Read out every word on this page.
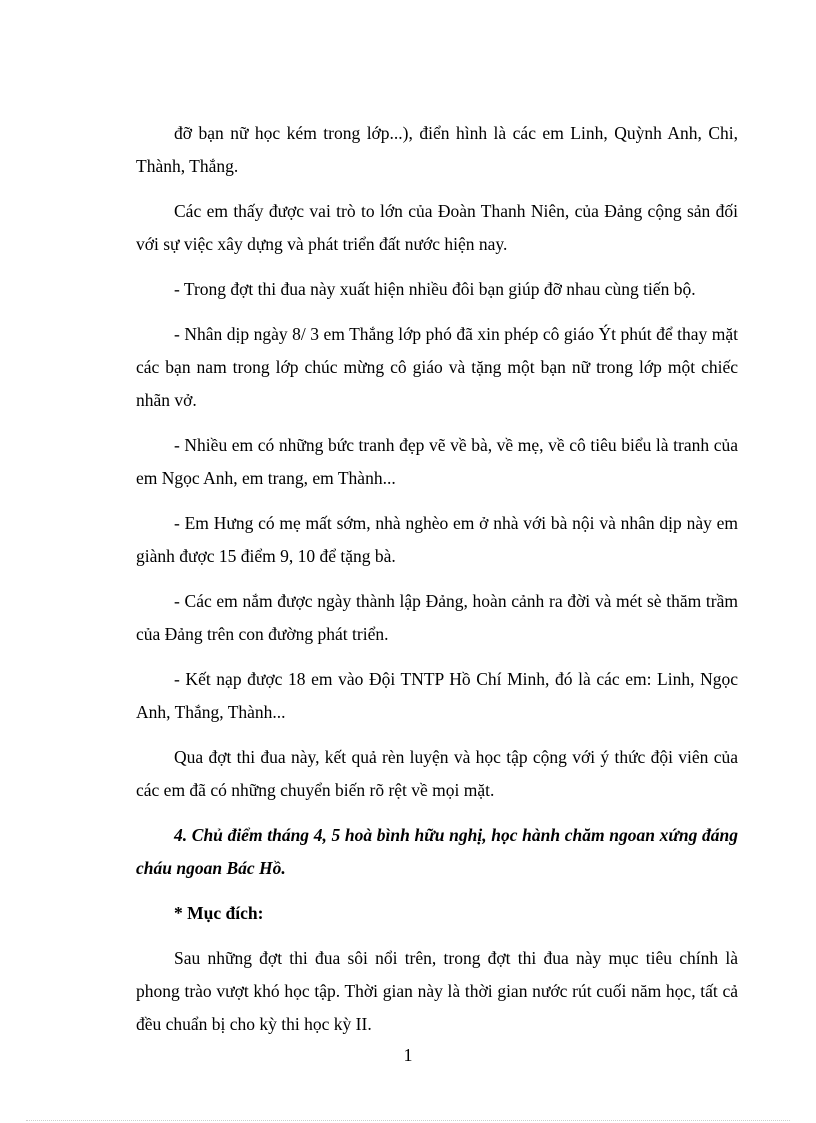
đỡ bạn nữ học kém trong lớp...), điển hình là các em Linh, Quỳnh Anh, Chi, Thành, Thắng.

Các em thấy được vai trò to lớn của Đoàn Thanh Niên, của Đảng cộng sản đối với sự việc xây dựng và phát triển đất nước hiện nay.

- Trong đợt thi đua này xuất hiện nhiều đôi bạn giúp đỡ nhau cùng tiến bộ.

- Nhân dịp ngày 8/ 3 em Thắng lớp phó đã xin phép cô giáo Ýt phút để thay mặt các bạn nam trong lớp chúc mừng cô giáo và tặng một bạn nữ trong lớp một chiếc nhãn vở.

- Nhiều em có những bức tranh đẹp vẽ về bà, về mẹ, về cô tiêu biểu là tranh của em Ngọc Anh, em trang, em Thành...

- Em Hưng có mẹ mất sớm, nhà nghèo em ở nhà với bà nội và nhân dịp này em giành được 15 điểm 9, 10 để tặng bà.

- Các em nắm được ngày thành lập Đảng, hoàn cảnh ra đời và mét sè thăm trầm của Đảng trên con đường phát triển.

- Kết nạp được 18 em vào Đội TNTP Hồ Chí Minh, đó là các em: Linh, Ngọc Anh, Thắng, Thành...

Qua đợt thi đua này, kết quả rèn luyện và học tập cộng với ý thức đội viên của các em đã có những chuyển biến rõ rệt về mọi mặt.

4. Chủ điểm tháng 4, 5 hoà bình hữu nghị, học hành chăm ngoan xứng đáng cháu ngoan Bác Hồ.

* Mục đích:

Sau những đợt thi đua sôi nổi trên, trong đợt thi đua này mục tiêu chính là phong trào vượt khó học tập. Thời gian này là thời gian nước rút cuối năm học, tất cả đều chuẩn bị cho kỳ thi học kỳ II.

1
